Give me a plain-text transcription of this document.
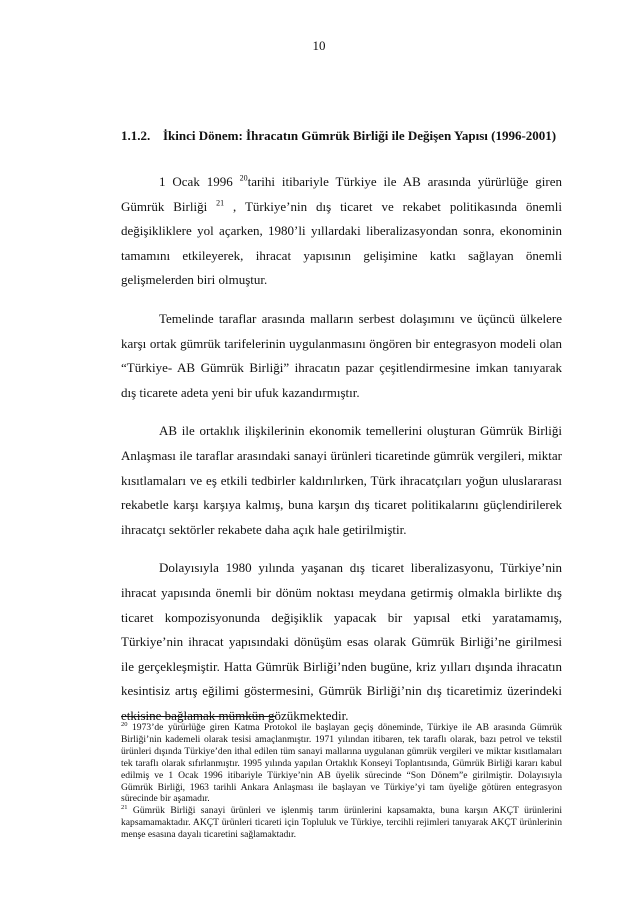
10
1.1.2. İkinci Dönem: İhracatın Gümrük Birliği ile Değişen Yapısı (1996-2001)

1 Ocak 1996 $^{20}$tarihi itibariyle Türkiye ile AB arasında yürürlüğe giren Gümrük Birliği $^{21}$ , Türkiye’nin dış ticaret ve rekabet politikasında önemli değişikliklere yol açarken, 1980’li yıllardaki liberalizasyondan sonra, ekonominin tamamını etkileyerek, ihracat yapısının gelişimine katkı sağlayan önemli gelişmelerden biri olmuştur.

Temelinde taraflar arasında malların serbest dolaşımını ve üçüncü ülkelere karşı ortak gümrük tarifelerinin uygulanmasını öngören bir entegrasyon modeli olan “Türkiye- AB Gümrük Birliği” ihracatın pazar çeşitlendirmesine imkan tanıyarak dış ticarete adeta yeni bir ufuk kazandırmıştır.

AB ile ortaklık ilişkilerinin ekonomik temellerini oluşturan Gümrük Birliği Anlaşması ile taraflar arasındaki sanayi ürünleri ticaretinde gümrük vergileri, miktar kısıtlamaları ve eş etkili tedbirler kaldırılırken, Türk ihracatçıları yoğun uluslararası rekabetle karşı karşıya kalmış, buna karşın dış ticaret politikalarını güçlendirilerek ihracatçı sektörler rekabete daha açık hale getirilmiştir.

Dolayısıyla 1980 yılında yaşanan dış ticaret liberalizasyonu, Türkiye’nin ihracat yapısında önemli bir dönüm noktası meydana getirmiş olmakla birlikte dış ticaret kompozisyonunda değişiklik yapacak bir yapısal etki yaratamamış, Türkiye’nin ihracat yapısındaki dönüşüm esas olarak Gümrük Birliği’ne girilmesi ile gerçekleşmiştir. Hatta Gümrük Birliği’nden bugüne, kriz yılları dışında ihracatın kesintisiz artış eğilimi göstermesini, Gümrük Birliği’nin dış ticaretimiz üzerindeki etkisine bağlamak mümkün gözükmektedir.

$^{20}$ 1973’de yürürlüğe giren Katma Protokol ile başlayan geçiş döneminde, Türkiye ile AB arasında Gümrük Birliği’nin kademeli olarak tesisi amaçlanmıştır. 1971 yılından itibaren, tek taraflı olarak, bazı petrol ve tekstil ürünleri dışında Türkiye’den ithal edilen tüm sanayi mallarına uygulanan gümrük vergileri ve miktar kısıtlamaları tek taraflı olarak sıfırlanmıştır. 1995 yılında yapılan Ortaklık Konseyi Toplantısında, Gümrük Birliği kararı kabul edilmiş ve 1 Ocak 1996 itibariyle Türkiye’nin AB üyelik sürecinde “Son Dönem”e girilmiştir. Dolayısıyla Gümrük Birliği, 1963 tarihli Ankara Anlaşması ile başlayan ve Türkiye’yi tam üyeliğe götüren entegrasyon sürecinde bir aşamadır.

$^{21}$ Gümrük Birliği sanayi ürünleri ve işlenmiş tarım ürünlerini kapsamakta, buna karşın AKÇT ürünlerini kapsamamaktadır. AKÇT ürünleri ticareti için Topluluk ve Türkiye, tercihli rejimleri tanıyarak AKÇT ürünlerinin menşe esasına dayalı ticaretini sağlamaktadır.
